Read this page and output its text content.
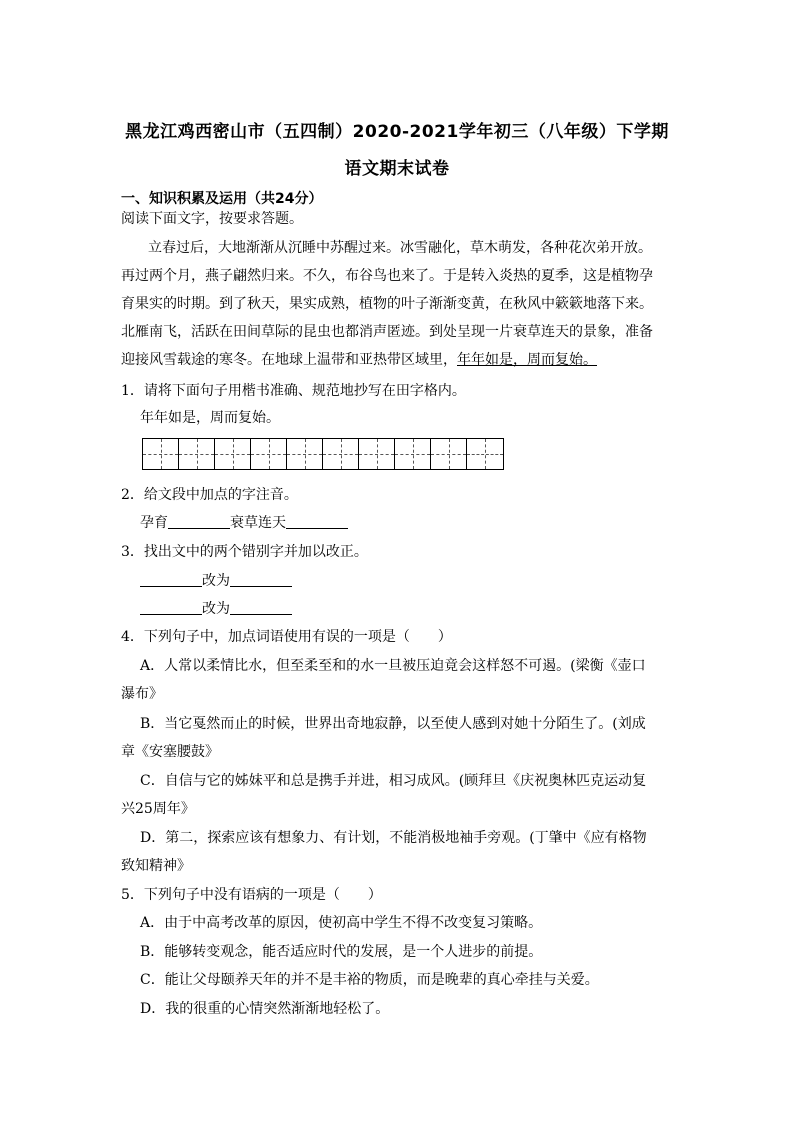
黑龙江鸡西密山市（五四制）2020-2021学年初三（八年级）下学期
语文期末试卷
一、知识积累及运用（共24分）
阅读下面文字，按要求答题。
立春过后，大地渐渐从沉睡中苏醒过来。冰雪融化，草木萌发，各种花次弟开放。
再过两个月，燕子翩然归来。不久，布谷鸟也来了。于是转入炎热的夏季，这是植物孕
育果实的时期。到了秋天，果实成熟，植物的叶子渐渐变黄，在秋风中簌簌地落下来。
北雁南飞，活跃在田间草际的昆虫也都消声匿迹。到处呈现一片衰草连天的景象，准备
迎接风雪载途的寒冬。在地球上温带和亚热带区域里，年年如是，周而复始。
1．请将下面句子用楷书准确、规范地抄写在田字格内。
年年如是，周而复始。
2．给文段中加点的字注音。
孕育	衰草连天
3．找出文中的两个错别字并加以改正。
改为
改为
4．下列句子中，加点词语使用有误的一项是（　　）
A．人常以柔情比水，但至柔至和的水一旦被压迫竟会这样怒不可遏。(梁衡《壶口
瀑布》
B．当它戛然而止的时候，世界出奇地寂静，以至使人感到对她十分陌生了。(刘成
章《安塞腰鼓》
C．自信与它的姊妹平和总是携手并进，相习成风。(顾拜旦《庆祝奥林匹克运动复
兴25周年》
D．第二，探索应该有想象力、有计划，不能消极地袖手旁观。(丁肇中《应有格物
致知精神》
5．下列句子中没有语病的一项是（　　）
A．由于中高考改革的原因，使初高中学生不得不改变复习策略。
B．能够转变观念，能否适应时代的发展，是一个人进步的前提。
C．能让父母颐养天年的并不是丰裕的物质，而是晚辈的真心牵挂与关爱。
D．我的很重的心情突然渐渐地轻松了。
